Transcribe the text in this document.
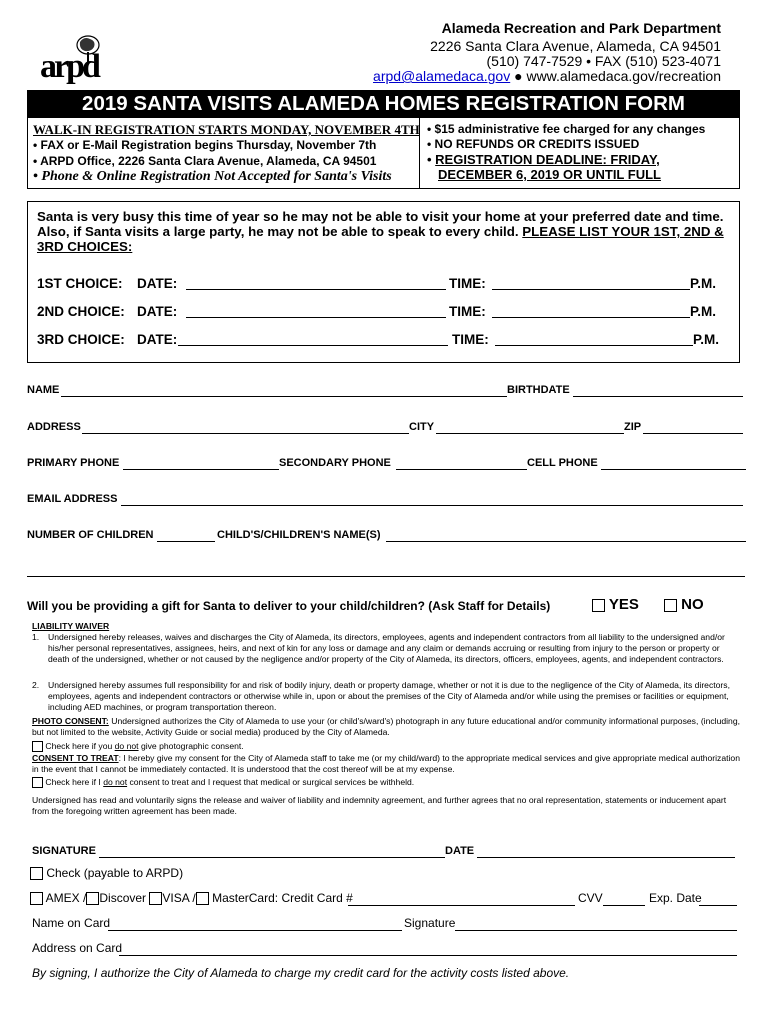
arpd
Alameda Recreation and Park Department
2226 Santa Clara Avenue, Alameda, CA 94501
(510) 747-7529 • FAX (510) 523-4071
arpd@alamedaca.gov ● www.alamedaca.gov/recreation
2019 SANTA VISITS ALAMEDA HOMES REGISTRATION FORM
WALK-IN REGISTRATION STARTS MONDAY, NOVEMBER 4TH
• FAX or E-Mail Registration begins Thursday, November 7th
• ARPD Office, 2226 Santa Clara Avenue, Alameda, CA 94501
• Phone & Online Registration Not Accepted for Santa's Visits
• $15 administrative fee charged for any changes
• NO REFUNDS OR CREDITS ISSUED
• REGISTRATION DEADLINE: FRIDAY,
DECEMBER 6, 2019 OR UNTIL FULL
Santa is very busy this time of year so he may not be able to visit your home at your preferred date and time. Also, if Santa visits a large party, he may not be able to speak to every child. PLEASE LIST YOUR 1ST, 2ND & 3RD CHOICES:
1ST CHOICE: DATE:	TIME:	P.M.
2ND CHOICE: DATE:	TIME:	P.M.
3RD CHOICE: DATE:	TIME:	P.M.
NAME	BIRTHDATE
ADDRESS	CITY	ZIP
PRIMARY PHONE	SECONDARY PHONE	CELL PHONE
EMAIL ADDRESS
NUMBER OF CHILDREN	CHILD'S/CHILDREN'S NAME(S)
Will you be providing a gift for Santa to deliver to your child/children? (Ask Staff for Details)	YES	NO
LIABILITY WAIVER
1. Undersigned hereby releases, waives and discharges the City of Alameda, its directors, employees, agents and independent contractors from all liability to the undersigned and/or his/her personal representatives, assignees, heirs, and next of kin for any loss or damage and any claim or demands accruing or resulting from injury to the person or property or death of the undersigned, whether or not caused by the negligence and/or property of the City of Alameda, its directors, officers, employees, agents, and independent contractors.
2. Undersigned hereby assumes full responsibility for and risk of bodily injury, death or property damage, whether or not it is due to the negligence of the City of Alameda, its directors, employees, agents and independent contractors or otherwise while in, upon or about the premises of the City of Alameda and/or while using the premises or facilities or equipment, including AED machines, or program transportation thereon.
PHOTO CONSENT: Undersigned authorizes the City of Alameda to use your (or child's/ward's) photograph in any future educational and/or community informational purposes, (including, but not limited to the website, Activity Guide or social media) produced by the City of Alameda.
Check here if you do not give photographic consent.
CONSENT TO TREAT: I hereby give my consent for the City of Alameda staff to take me (or my child/ward) to the appropriate medical services and give appropriate medical authorization in the event that I cannot be immediately contacted. It is understood that the cost thereof will be at my expense.
Check here if I do not consent to treat and I request that medical or surgical services be withheld.
Undersigned has read and voluntarily signs the release and waiver of liability and indemnity agreement, and further agrees that no oral representation, statements or inducement apart from the foregoing written agreement has been made.
SIGNATURE	DATE
Check (payable to ARPD)
AMEX / Discover VISA / MasterCard: Credit Card #	CVV	Exp. Date
Name on Card	Signature
Address on Card
By signing, I authorize the City of Alameda to charge my credit card for the activity costs listed above.
